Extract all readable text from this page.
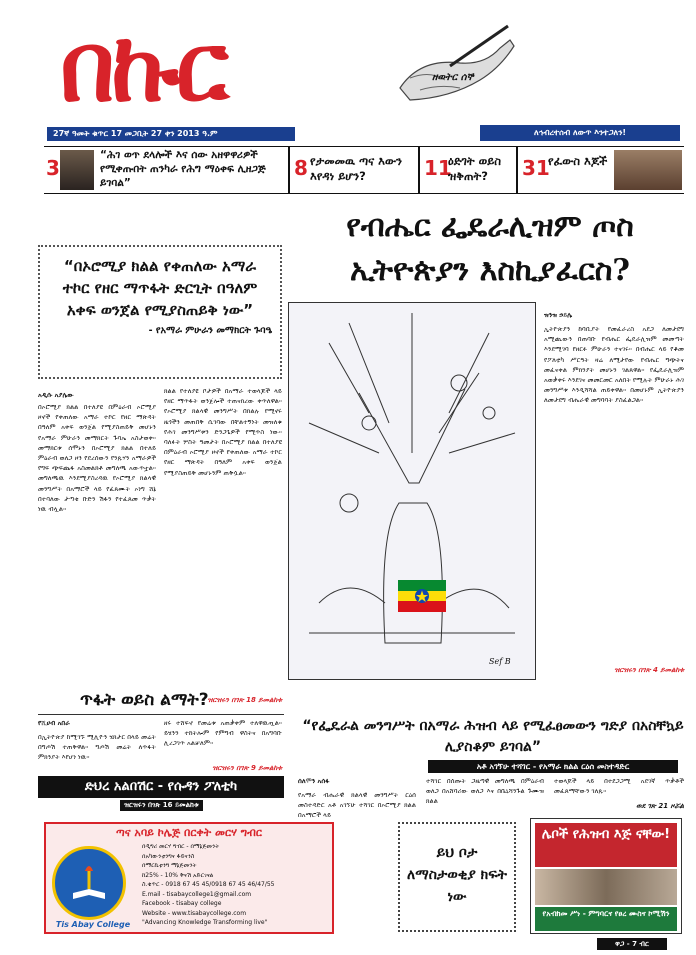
በኩር	ዘወትር ሰኞ
27ኛ ዓመት ቁጥር 17 መጋቢት 27 ቀን 2013 ዓ.ም	ለኅብረተሰብ ለውጥ እንተጋለን!
3
“ሕገ ወጥ ደላሎች እና ሰው አዘዋዋሪዎች የሚቀጡበት ጠንካራ የሕግ ማዕቀፍ ሊዘጋጅ ይገባል”
8 የታመመዉ ጣና እውን እየዳነ ይሆን?	11
ዕድገት ወይስ ዝቅጠት?	31
የፈውስ እጆች
የብሔር ፌዴራሊዝም ጦስ ኢትዮጵያን እስኪያፈርስ?
“በኦሮሚያ ክልል የቀጠለው አማራ ተኮር የዘር ማጥፋት ድርጊት በዓለም አቀፍ ወንጀል የሚያስጠይቅ ነው”
- የአማራ ምሁራን መማክርት ጉባዔ
አዲሱ አያሌው
በኦሮሚያ ክልል በተለያዩ በምዕራብ ኦሮሚያ ዞኖች የቀጠለው አማራ ተኮር የዘር ማጽዳት በዓለም አቀፍ ወንጀል የሚያስጠይቅ መሆኑን የአማራ ምሁራን መማክርት ጉባኤ አስታወቀ። መማክርቱ ሰሞኑን በኦሮሚያ ክልል በተለይ ምዕራብ ወለጋ ዞን የደረሰውን የንጹሃን አማራዎች የግፍ ጭፍጨፋ አስመልክቶ መግለጫ አውጥቷል። መግለጫዉ እንደሚያስረዳዉ የኦሮሚያ ክልላዊ መንግሥት በአማሮች ላይ የፈጸሙት ኦነግ ሸኔ በተባለው ታጣቂ ቡድን ሽፋን የተፈጸመ ጥቃት ነዉ ብሏል።
ክልል የተለያዩ ቦታዎች በአማራ ተወላጆች ላይ የዘር ማጥፋት ወንጀሎች ተጠናክረው ቀጥለዋል። የኦሮሚያ ክልላዊ መንግሥት በክልሉ የሚኖሩ ዜጎችን መጠበቅ ሲገባው በቸልተኝነት መዝለቁ የሕገ መንግሥቱን ድንጋጌዎች የሚጥስ ነው። ባለፉት ሦስት ዓመታት በኦሮሚያ ክልል በተለያዩ በምዕራብ ኦሮሚያ ዞኖች የቀጠለው አማራ ተኮር የዘር ማጽዳት በዓለም አቀፍ ወንጀል የሚያስጠይቅ መሆኑንም ጠቅሷል።
ዝርዝሩን በገጽ 18 ይመልከቱ
Sef B
ዝንዝ ኃይሌ
ኢትዮጵያን ከባቢያት የመፈራረስ አደጋ ለመታደግ አሚጪውን በጠባቡ የብሔር ፌዴራሊዝም መመጣት እንደሚገባ የዘርፉ ምሁራን ተናገሩ። በብሔር ላይ የቆመ የፖለቲካ ሥርዓት ዛሬ ለሚታየው የብሔር ግጭትና መፈናቀል ምክንያት መሆኑን ገልጸዋል። የፌዴራሊዝም አወቃቀሩ እንደገና መመርመር አለበት የሚሉት ምሁራኑ ሕገ መንግሥቱ እንዲሻሻል ጠይቀዋል። በመሆኑም ኢትዮጵያን ለመታደግ ብሔራዊ መግባባት ያስፈልጋል።
ዝርዝሩን በገጽ 4 ይመልከቱ
ጥፋት ወይስ ልማት?
የሺሀብ አበራ
በኢትዮጵያ ከሚገኙ ሚሊዮን ሄክታር በላይ መሬት በግጦሽ ተጠቅዋል። ግጦሽ መሬት ለጥፋት ምክንያት እየሆነ ነዉ።
ዘሩ ተሸፍኖ የመሬቱ አጠቃቀም ተለዋዉጧል። ይሄንን ተከትሎም የምግብ ዋስትና በአግባቡ ሊረጋገጥ አልቻለም።
ዝርዝሩን በገጽ 9 ይመልከቱ
ድህረ አልበሽር - የሱዳን ፖለቲካ
ዝርዝሩን በገጽ 16 ይመልከቱ
“የፌዴራል መንግሥት በአማራ ሕዝብ ላይ የሚፈፀመውን ግድያ በአስቸኳይ ሊያስቆም ይገባል”
አቶ አገኘሁ ተሻገር - የአማራ ክልል ርዕሰ መስተዳድር
ሰለሞን አሰፋ
የአማራ ብሔራዊ ክልላዊ መንግሥት ርዕሰ መስተዳድር አቶ አገኘሁ ተሻገር በኦሮሚያ ክልል በአማሮች ላይ
ተሻገር በሰጡት ጋዜጣዊ መግለጫ በምዕራብ ወለጋ በአሸባሪው ወለጋ እና በቤኒሻንጉል ጉሙዝ ክልል
ተወላጆች ላይ በተደጋጋሚ አደገኛ ጥቃቶች መፈጸማቸውን ገለጹ።
ወደ ገጽ 21 ዞሯል
ጣና አባይ ኮሌጅ በርቀት መርሃ ግብር
Tis Abay College
በዲግሪ መርሃ ግብር - በማኔጅመንት
በአካውንቲንግና ፋይናንስ
በማርኬቲንግ ማኔጅመንት
ከ25% - 10% ቅናሽ አድርገናል
ስ.ቁጥር - 0918 67 45 45/0918 67 45 46/47/55
E.mail - tisabaycollege1@gmail.com
Facebook - tisabay college
Website - www.tisabaycollege.com
"Advancing Knowledge Transforming live"
ይህ ቦታ ለማስታወቂያ ክፍት ነው
ሌቦች የሕዝብ እጅ ናቸው!
የአብክመ ሥነ - ምግባርና የፀረ ሙስና ኮሚሽን
ዋጋ - 7 ብር
